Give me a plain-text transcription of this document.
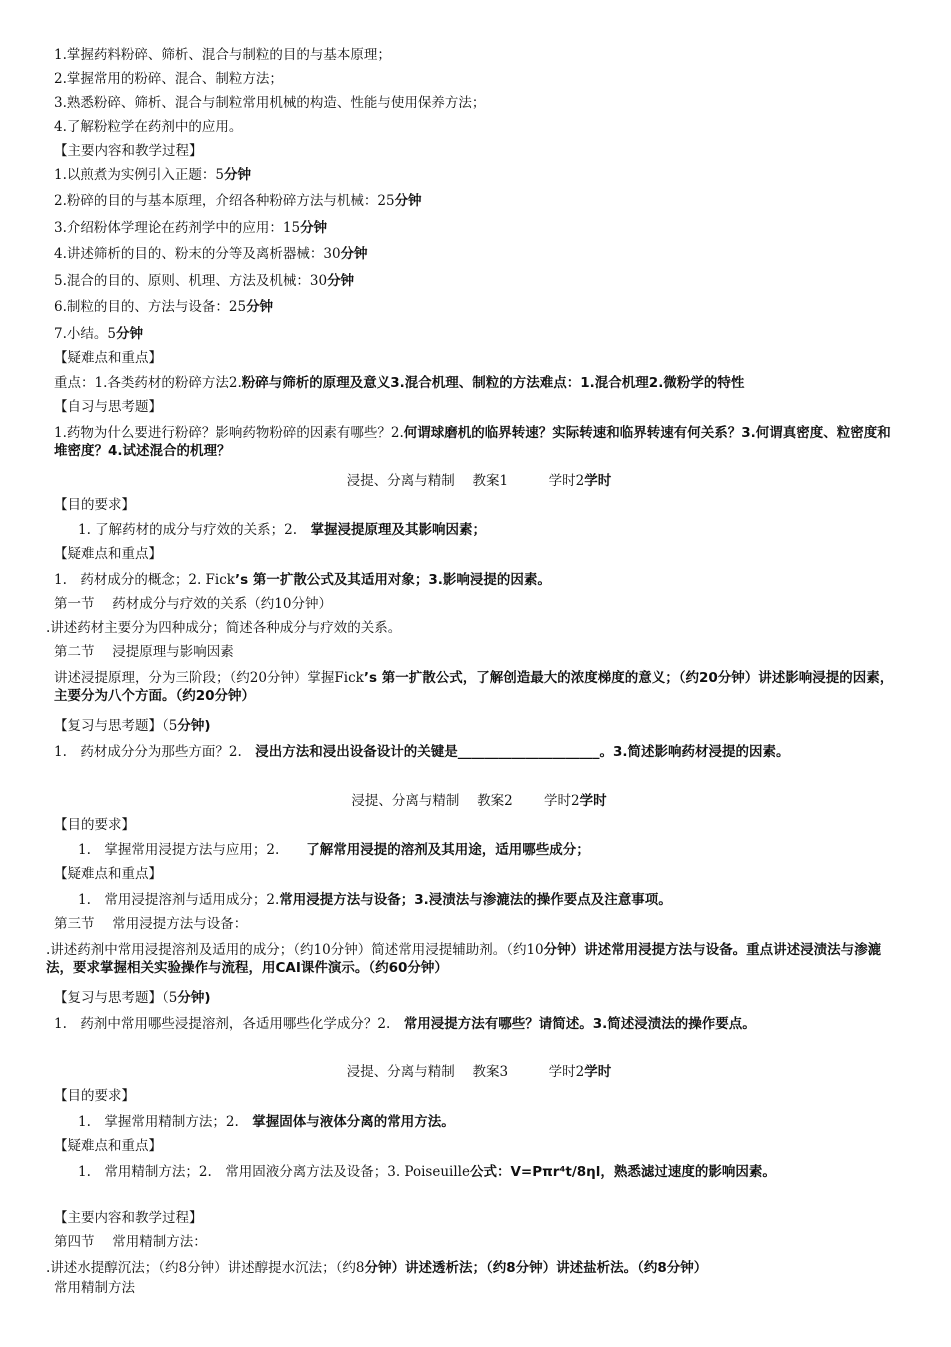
1.掌握药料粉碎、筛析、混合与制粒的目的与基本原理；

2.掌握常用的粉碎、混合、制粒方法；

3.熟悉粉碎、筛析、混合与制粒常用机械的构造、性能与使用保养方法；

4.了解粉粒学在药剂中的应用。

【主要内容和教学过程】

1.以煎煮为实例引入正题：5分钟

2.粉碎的目的与基本原理，介绍各种粉碎方法与机械：25分钟

3.介绍粉体学理论在药剂学中的应用：15分钟

4.讲述筛析的目的、粉末的分等及离析器械：30分钟

5.混合的目的、原则、机理、方法及机械：30分钟

6.制粒的目的、方法与设备：25分钟

7.小结。5分钟

【疑难点和重点】

重点：1.各类药材的粉碎方法2.粉碎与筛析的原理及意义3.混合机理、制粒的方法难点：1.混合机理2.微粉学的特性

【自习与思考题】

1.药物为什么要进行粉碎？影响药物粉碎的因素有哪些？2.何谓球磨机的临界转速？实际转速和临界转速有何关系？3.何谓真密度、粒密度和堆密度？4.试述混合的机理？

浸提、分离与精制　 教案1　　　学时2学时

【目的要求】

1. 了解药材的成分与疗效的关系；2.　掌握浸提原理及其影响因素；

【疑难点和重点】

1.　药材成分的概念；2. Fick’s 第一扩散公式及其适用对象；3.影响浸提的因素。

第一节　 药材成分与疗效的关系（约10分钟）

.讲述药材主要分为四种成分；简述各种成分与疗效的关系。

第二节　 浸提原理与影响因素

讲述浸提原理，分为三阶段；（约20分钟）掌握Fick’s 第一扩散公式，了解创造最大的浓度梯度的意义；（约20分钟）讲述影响浸提的因素，主要分为八个方面。（约20分钟）

【复习与思考题】（5分钟)

1.　药材成分分为那些方面？2.　浸出方法和浸出设备设计的关键是_____________________。3.简述影响药材浸提的因素。

浸提、分离与精制　 教案2　　 学时2学时

【目的要求】

1.　掌握常用浸提方法与应用；2.　　了解常用浸提的溶剂及其用途，适用哪些成分；

【疑难点和重点】

1.　常用浸提溶剂与适用成分；2.常用浸提方法与设备；3.浸渍法与渗漉法的操作要点及注意事项。

第三节　 常用浸提方法与设备：

.讲述药剂中常用浸提溶剂及适用的成分；（约10分钟）简述常用浸提辅助剂。（约10分钟）讲述常用浸提方法与设备。重点讲述浸渍法与渗漉法，要求掌握相关实验操作与流程，用CAI课件演示。（约60分钟）

【复习与思考题】（5分钟)

1.　药剂中常用哪些浸提溶剂，各适用哪些化学成分？2.　常用浸提方法有哪些？请简述。3.简述浸渍法的操作要点。

浸提、分离与精制　 教案3　　　学时2学时

【目的要求】

1.　掌握常用精制方法；2.　掌握固体与液体分离的常用方法。

【疑难点和重点】

1.　常用精制方法；2.　常用固液分离方法及设备；3. Poiseuille公式：V=Pπr⁴t/8ηl，熟悉滤过速度的影响因素。

【主要内容和教学过程】

第四节　 常用精制方法：

.讲述水提醇沉法；（约8分钟）讲述醇提水沉法；（约8分钟）讲述透析法；（约8分钟）讲述盐析法。（约8分钟）

常用精制方法
